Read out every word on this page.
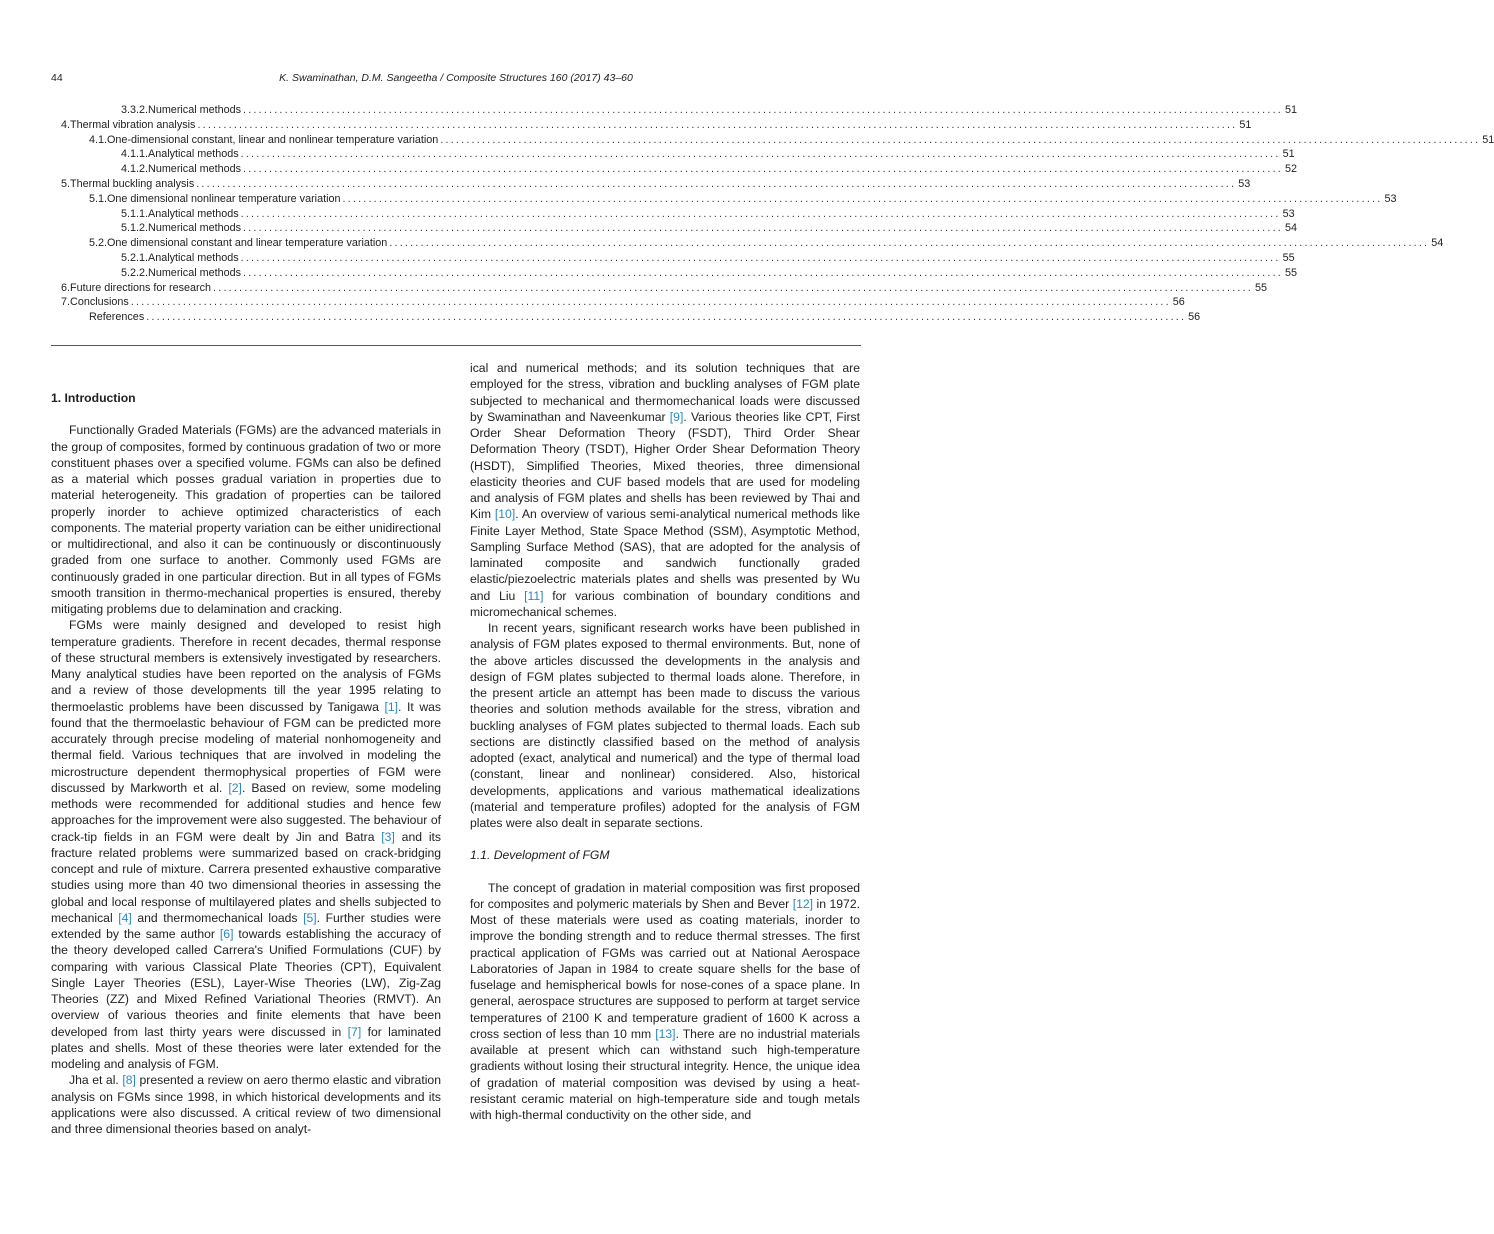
44	K. Swaminathan, D.M. Sangeetha / Composite Structures 160 (2017) 43–60
3.3.2. Numerical methods ........................................................................................................................................................................................................ 51
4. Thermal vibration analysis ........................................................................................................................................................................................................ 51
4.1. One-dimensional constant, linear and nonlinear temperature variation ........................................................................................................................................................................................................ 51
4.1.1. Analytical methods ........................................................................................................................................................................................................ 51
4.1.2. Numerical methods ........................................................................................................................................................................................................ 52
5. Thermal buckling analysis ........................................................................................................................................................................................................ 53
5.1. One dimensional nonlinear temperature variation ........................................................................................................................................................................................................ 53
5.1.1. Analytical methods ........................................................................................................................................................................................................ 53
5.1.2. Numerical methods ........................................................................................................................................................................................................ 54
5.2. One dimensional constant and linear temperature variation ........................................................................................................................................................................................................ 54
5.2.1. Analytical methods ........................................................................................................................................................................................................ 55
5.2.2. Numerical methods ........................................................................................................................................................................................................ 55
6. Future directions for research ........................................................................................................................................................................................................ 55
7. Conclusions ........................................................................................................................................................................................................ 56
References ........................................................................................................................................................................................................ 56
1. Introduction

Functionally Graded Materials (FGMs) are the advanced materials in the group of composites, formed by continuous gradation of two or more constituent phases over a specified volume. FGMs can also be defined as a material which posses gradual variation in properties due to material heterogeneity. This gradation of properties can be tailored properly inorder to achieve optimized characteristics of each components. The material property variation can be either unidirectional or multidirectional, and also it can be continuously or discontinuously graded from one surface to another. Commonly used FGMs are continuously graded in one particular direction. But in all types of FGMs smooth transition in thermo-mechanical properties is ensured, thereby mitigating problems due to delamination and cracking.

FGMs were mainly designed and developed to resist high temperature gradients. Therefore in recent decades, thermal response of these structural members is extensively investigated by researchers. Many analytical studies have been reported on the analysis of FGMs and a review of those developments till the year 1995 relating to thermoelastic problems have been discussed by Tanigawa [1]. It was found that the thermoelastic behaviour of FGM can be predicted more accurately through precise modeling of material nonhomogeneity and thermal field. Various techniques that are involved in modeling the microstructure dependent thermophysical properties of FGM were discussed by Markworth et al. [2]. Based on review, some modeling methods were recommended for additional studies and hence few approaches for the improvement were also suggested. The behaviour of crack-tip fields in an FGM were dealt by Jin and Batra [3] and its fracture related problems were summarized based on crack-bridging concept and rule of mixture. Carrera presented exhaustive comparative studies using more than 40 two dimensional theories in assessing the global and local response of multilayered plates and shells subjected to mechanical [4] and thermomechanical loads [5]. Further studies were extended by the same author [6] towards establishing the accuracy of the theory developed called Carrera's Unified Formulations (CUF) by comparing with various Classical Plate Theories (CPT), Equivalent Single Layer Theories (ESL), Layer-Wise Theories (LW), Zig-Zag Theories (ZZ) and Mixed Refined Variational Theories (RMVT). An overview of various theories and finite elements that have been developed from last thirty years were discussed in [7] for laminated plates and shells. Most of these theories were later extended for the modeling and analysis of FGM.

Jha et al. [8] presented a review on aero thermo elastic and vibration analysis on FGMs since 1998, in which historical developments and its applications were also discussed. A critical review of two dimensional and three dimensional theories based on analyt-

ical and numerical methods; and its solution techniques that are employed for the stress, vibration and buckling analyses of FGM plate subjected to mechanical and thermomechanical loads were discussed by Swaminathan and Naveenkumar [9]. Various theories like CPT, First Order Shear Deformation Theory (FSDT), Third Order Shear Deformation Theory (TSDT), Higher Order Shear Deformation Theory (HSDT), Simplified Theories, Mixed theories, three dimensional elasticity theories and CUF based models that are used for modeling and analysis of FGM plates and shells has been reviewed by Thai and Kim [10]. An overview of various semi-analytical numerical methods like Finite Layer Method, State Space Method (SSM), Asymptotic Method, Sampling Surface Method (SAS), that are adopted for the analysis of laminated composite and sandwich functionally graded elastic/piezoelectric materials plates and shells was presented by Wu and Liu [11] for various combination of boundary conditions and micromechanical schemes.

In recent years, significant research works have been published in analysis of FGM plates exposed to thermal environments. But, none of the above articles discussed the developments in the analysis and design of FGM plates subjected to thermal loads alone. Therefore, in the present article an attempt has been made to discuss the various theories and solution methods available for the stress, vibration and buckling analyses of FGM plates subjected to thermal loads. Each sub sections are distinctly classified based on the method of analysis adopted (exact, analytical and numerical) and the type of thermal load (constant, linear and nonlinear) considered. Also, historical developments, applications and various mathematical idealizations (material and temperature profiles) adopted for the analysis of FGM plates were also dealt in separate sections.

1.1. Development of FGM

The concept of gradation in material composition was first proposed for composites and polymeric materials by Shen and Bever [12] in 1972. Most of these materials were used as coating materials, inorder to improve the bonding strength and to reduce thermal stresses. The first practical application of FGMs was carried out at National Aerospace Laboratories of Japan in 1984 to create square shells for the base of fuselage and hemispherical bowls for nose-cones of a space plane. In general, aerospace structures are supposed to perform at target service temperatures of 2100 K and temperature gradient of 1600 K across a cross section of less than 10 mm [13]. There are no industrial materials available at present which can withstand such high-temperature gradients without losing their structural integrity. Hence, the unique idea of gradation of material composition was devised by using a heat-resistant ceramic material on high-temperature side and tough metals with high-thermal conductivity on the other side, and
